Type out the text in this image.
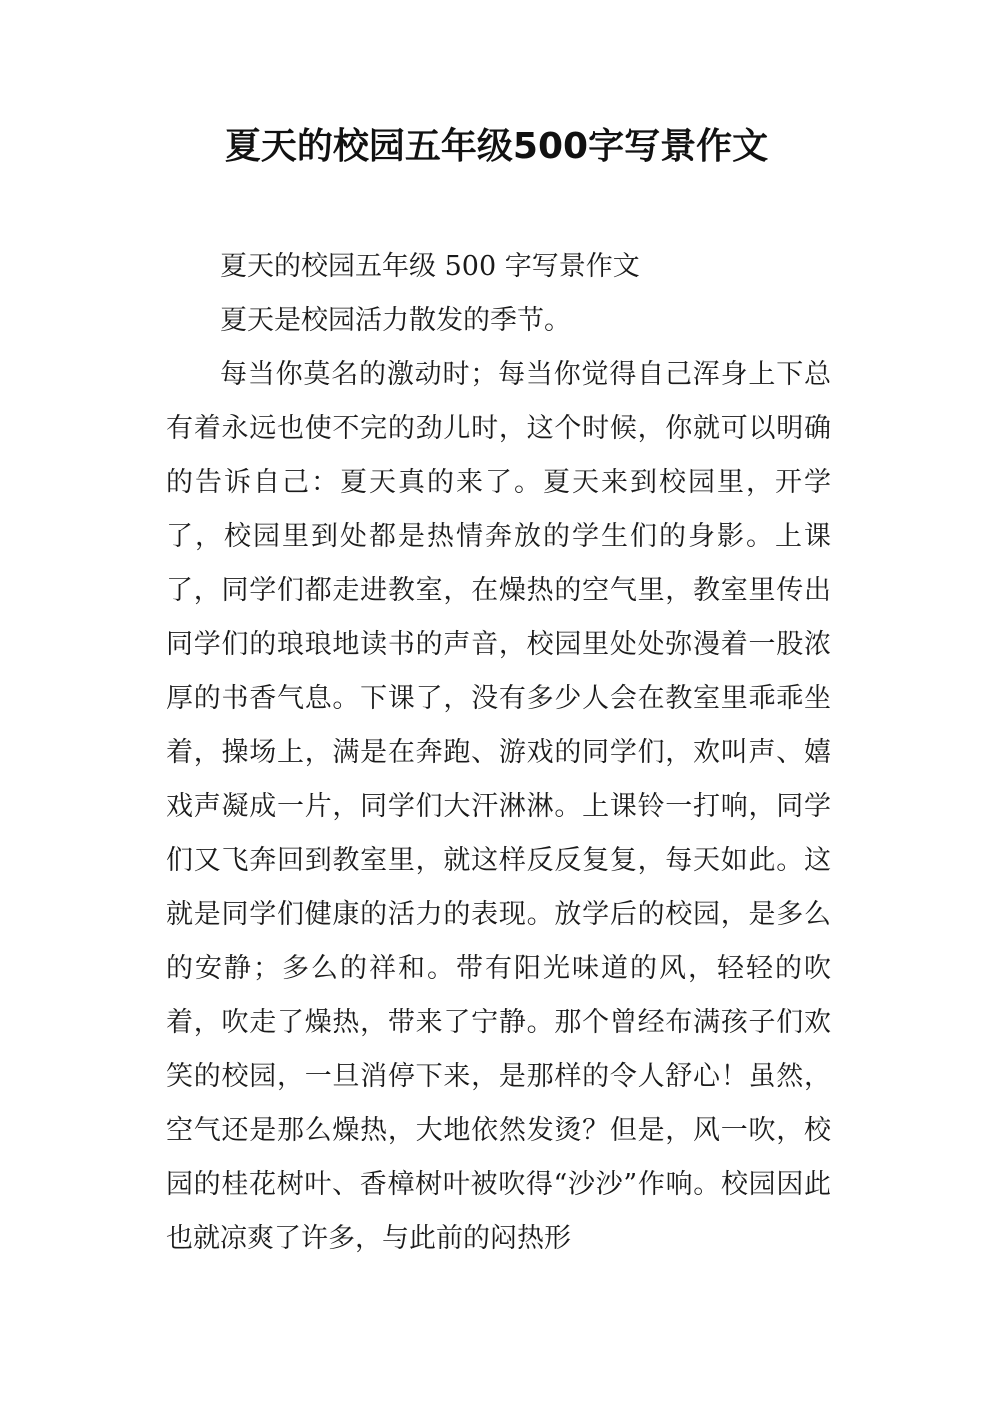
夏天的校园五年级500字写景作文

夏天的校园五年级 500 字写景作文

夏天是校园活力散发的季节。

每当你莫名的激动时；每当你觉得自己浑身上下总有着永远也使不完的劲儿时，这个时候，你就可以明确的告诉自己：夏天真的来了。夏天来到校园里，开学了，校园里到处都是热情奔放的学生们的身影。上课了，同学们都走进教室，在燥热的空气里，教室里传出同学们的琅琅地读书的声音，校园里处处弥漫着一股浓厚的书香气息。下课了，没有多少人会在教室里乖乖坐着，操场上，满是在奔跑、游戏的同学们，欢叫声、嬉戏声凝成一片，同学们大汗淋淋。上课铃一打响，同学们又飞奔回到教室里，就这样反反复复，每天如此。这就是同学们健康的活力的表现。放学后的校园，是多么的安静；多么的祥和。带有阳光味道的风，轻轻的吹着，吹走了燥热，带来了宁静。那个曾经布满孩子们欢笑的校园，一旦消停下来，是那样的令人舒心！虽然，空气还是那么燥热，大地依然发烫？但是，风一吹，校园的桂花树叶、香樟树叶被吹得“沙沙”作响。校园因此也就凉爽了许多，与此前的闷热形
